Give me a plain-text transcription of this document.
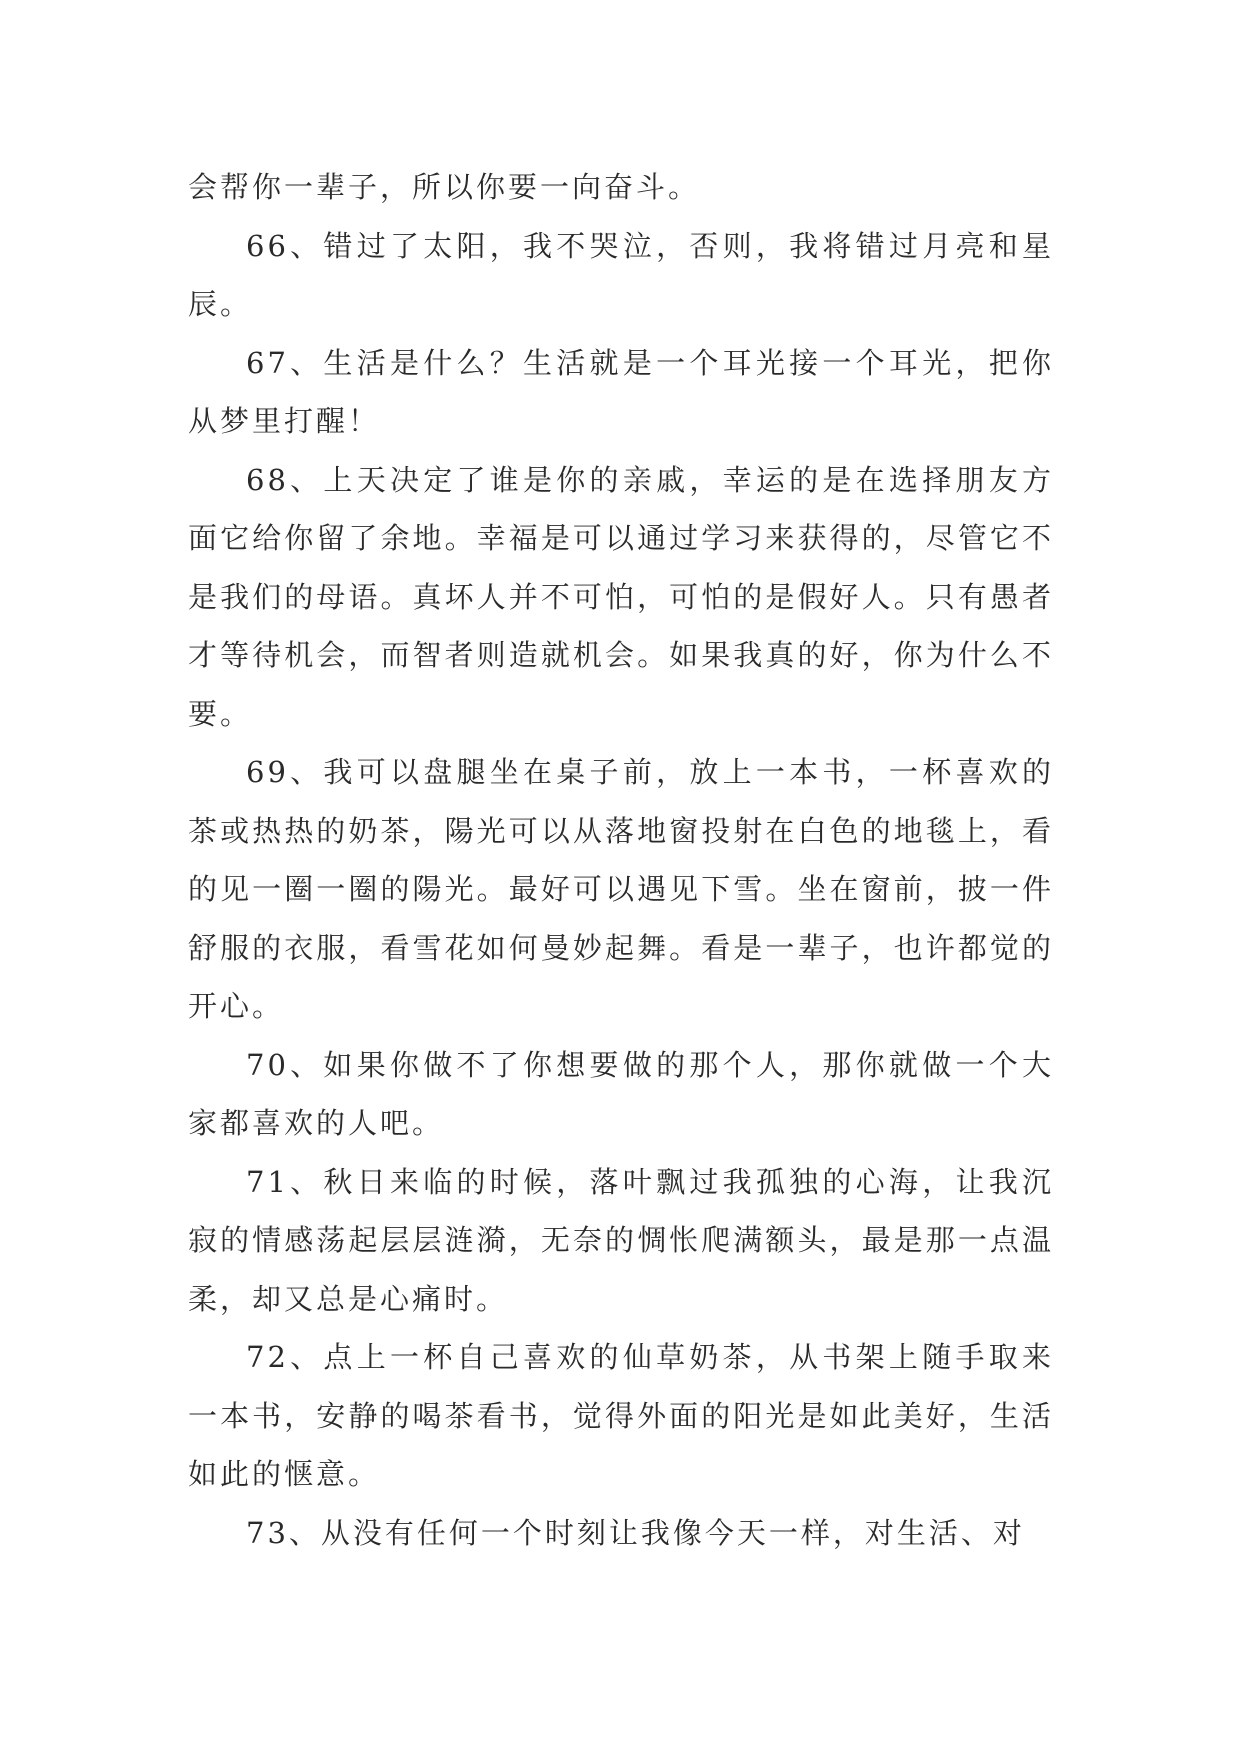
会帮你一辈子，所以你要一向奋斗。

66、错过了太阳，我不哭泣，否则，我将错过月亮和星辰。

67、生活是什么？生活就是一个耳光接一个耳光，把你从梦里打醒！

68、上天决定了谁是你的亲戚，幸运的是在选择朋友方面它给你留了余地。幸福是可以通过学习来获得的，尽管它不是我们的母语。真坏人并不可怕，可怕的是假好人。只有愚者才等待机会，而智者则造就机会。如果我真的好，你为什么不要。

69、我可以盘腿坐在桌子前，放上一本书，一杯喜欢的茶或热热的奶茶，陽光可以从落地窗投射在白色的地毯上，看的见一圈一圈的陽光。最好可以遇见下雪。坐在窗前，披一件舒服的衣服，看雪花如何曼妙起舞。看是一辈子，也许都觉的开心。

70、如果你做不了你想要做的那个人，那你就做一个大家都喜欢的人吧。

71、秋日来临的时候，落叶飘过我孤独的心海，让我沉寂的情感荡起层层涟漪，无奈的惆怅爬满额头，最是那一点温柔，却又总是心痛时。

72、点上一杯自己喜欢的仙草奶茶，从书架上随手取来一本书，安静的喝茶看书，觉得外面的阳光是如此美好，生活如此的惬意。

73、从没有任何一个时刻让我像今天一样，对生活、对
